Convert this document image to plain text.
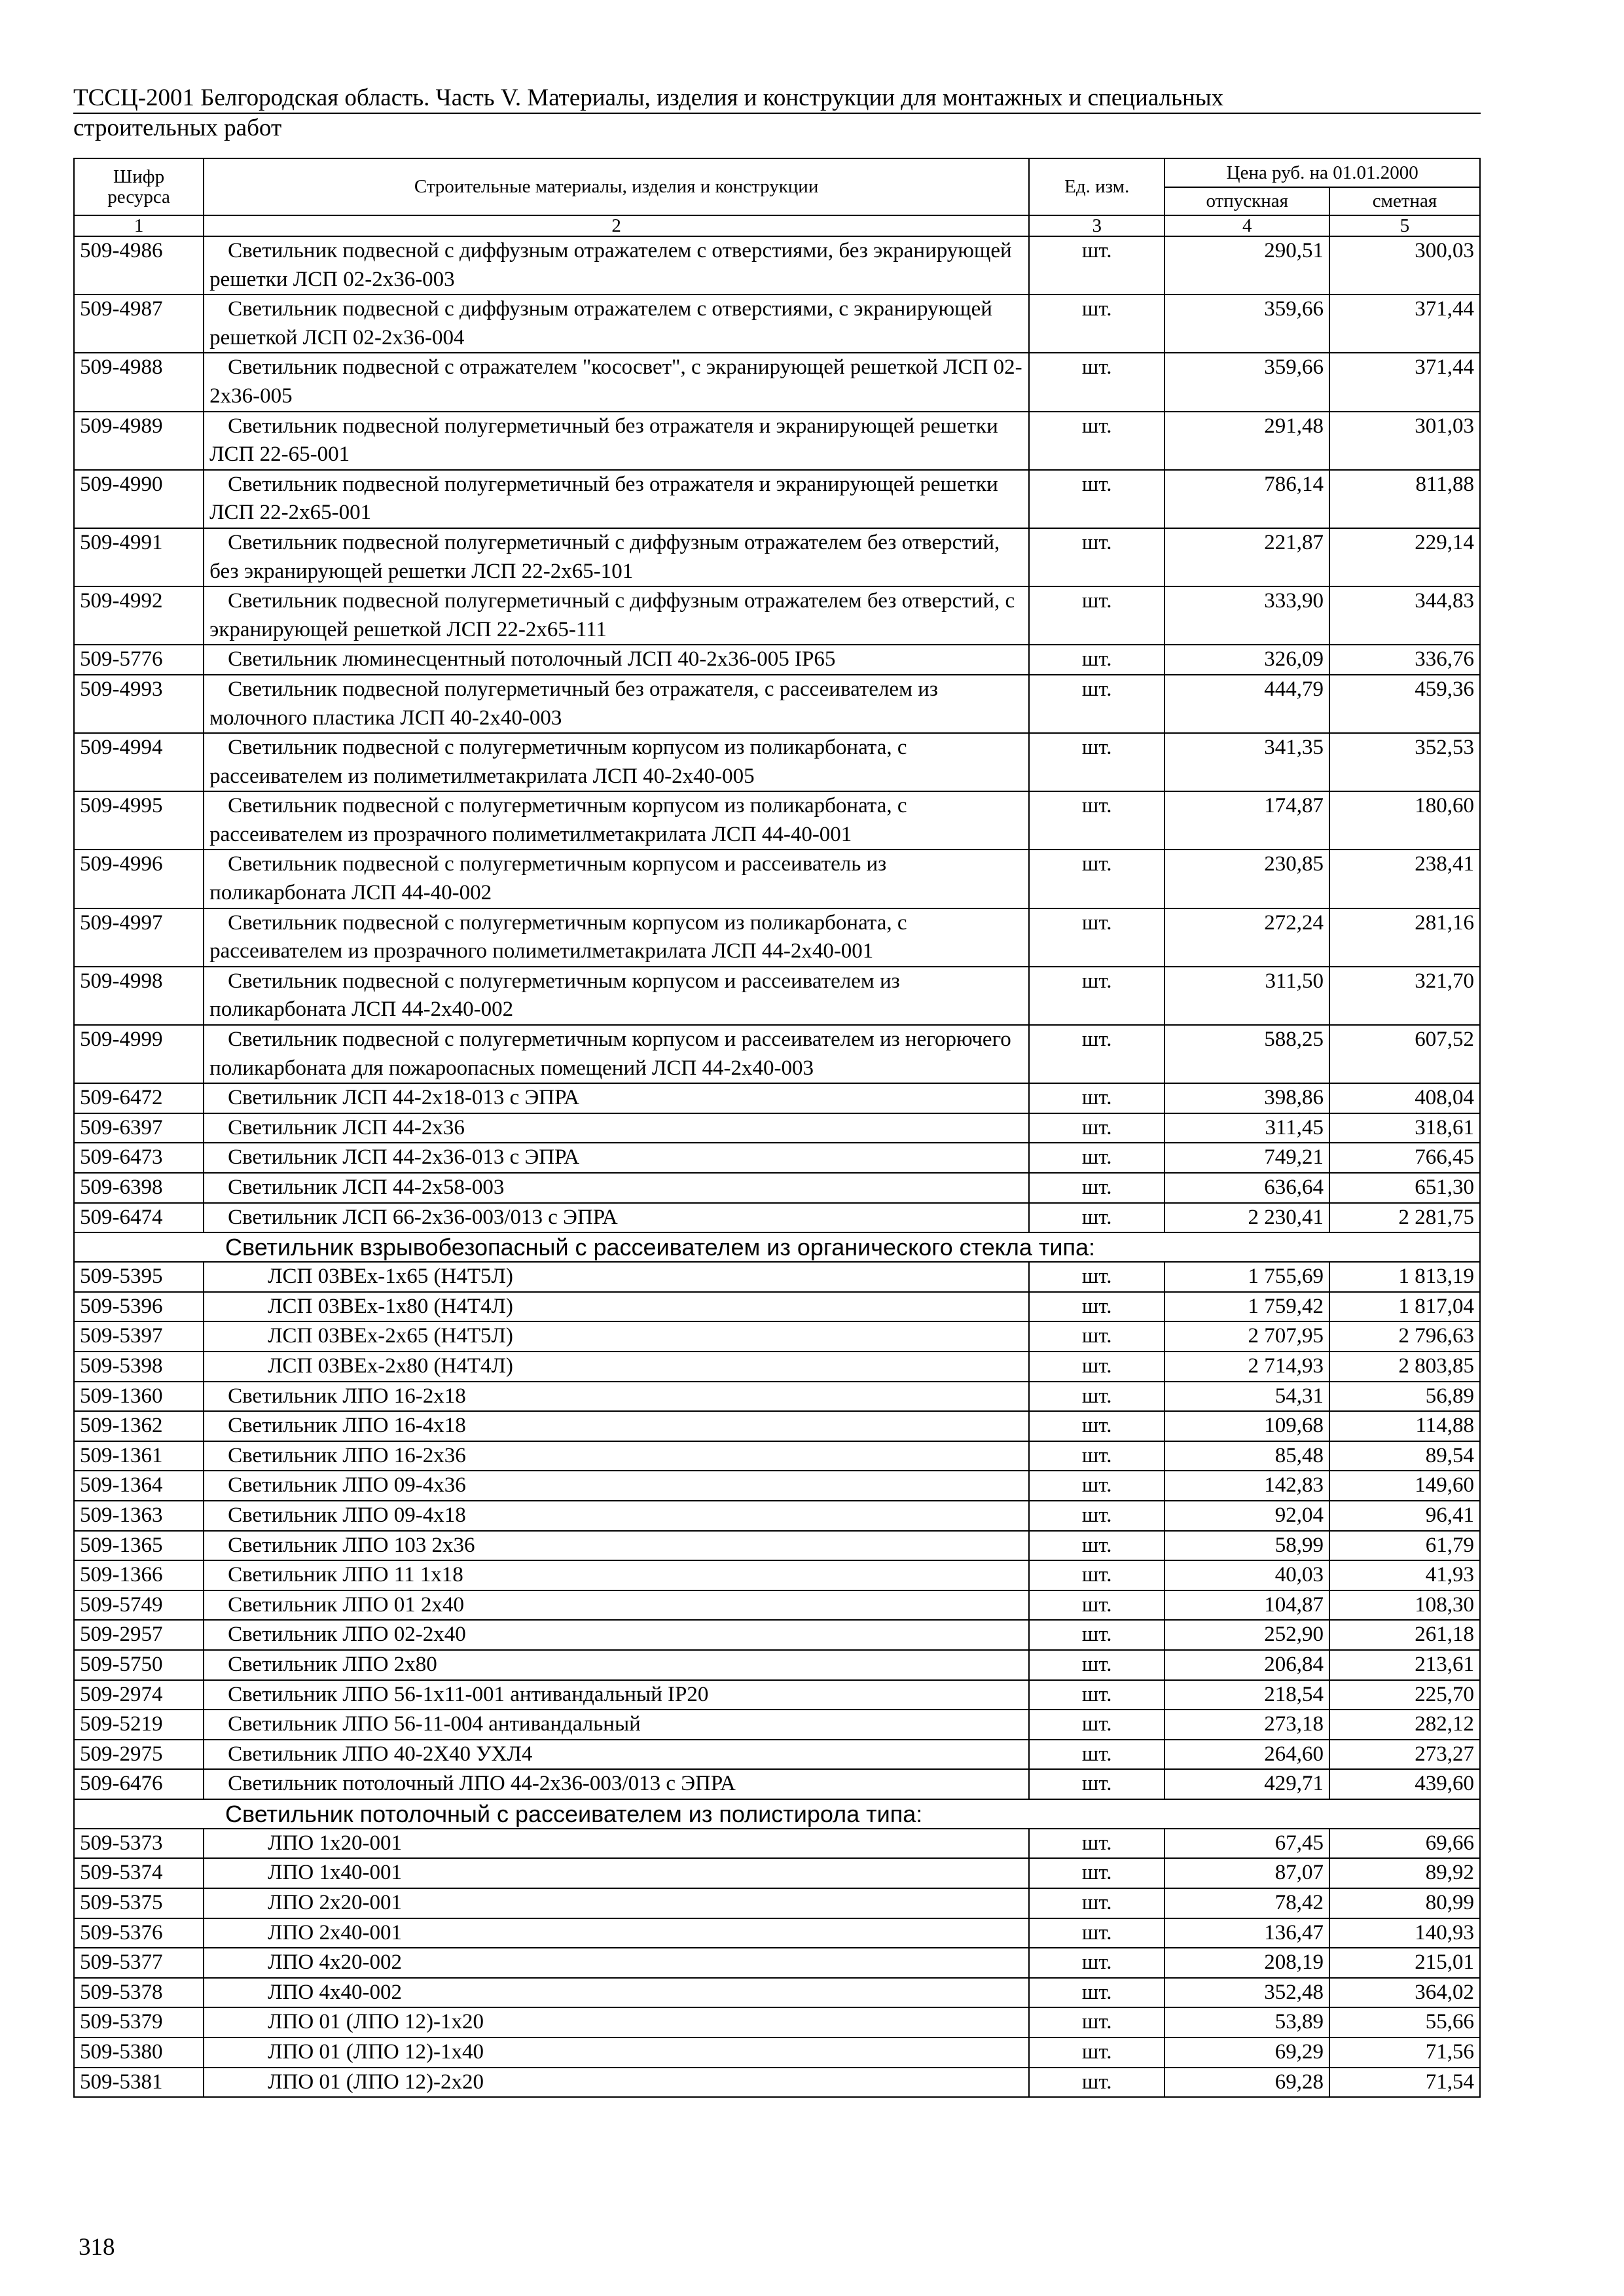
ТССЦ-2001 Белгородская область. Часть V. Материалы, изделия и конструкции для монтажных и специальных
строительных работ
Шифр ресурса	Строительные материалы, изделия и конструкции	Ед. изм.	Цена руб. на 01.01.2000	
			отпускная	сметная
1	2	3	4	5
509-4986	Светильник подвесной с диффузным отражателем с отверстиями, без экранирующей решетки ЛСП 02-2х36-003	шт.	290,51	300,03
509-4987	Светильник подвесной с диффузным отражателем с отверстиями, с экранирующей решеткой ЛСП 02-2х36-004	шт.	359,66	371,44
509-4988	Светильник подвесной с отражателем "кососвет", с экранирующей решеткой ЛСП 02-2х36-005	шт.	359,66	371,44
509-4989	Светильник подвесной полугерметичный без отражателя и экранирующей решетки ЛСП 22-65-001	шт.	291,48	301,03
509-4990	Светильник подвесной полугерметичный без отражателя и экранирующей решетки ЛСП 22-2х65-001	шт.	786,14	811,88
509-4991	Светильник подвесной полугерметичный с диффузным отражателем без отверстий, без экранирующей решетки ЛСП 22-2х65-101	шт.	221,87	229,14
509-4992	Светильник подвесной полугерметичный с диффузным отражателем без отверстий, с экранирующей решеткой ЛСП 22-2х65-111	шт.	333,90	344,83
509-5776	Светильник люминесцентный потолочный ЛСП 40-2х36-005 IP65	шт.	326,09	336,76
509-4993	Светильник подвесной полугерметичный без отражателя, с рассеивателем из молочного пластика ЛСП 40-2х40-003	шт.	444,79	459,36
509-4994	Светильник подвесной с полугерметичным корпусом из поликарбоната, с рассеивателем из полиметилметакрилата ЛСП 40-2х40-005	шт.	341,35	352,53
509-4995	Светильник подвесной с полугерметичным корпусом из поликарбоната, с рассеивателем из прозрачного полиметилметакрилата ЛСП 44-40-001	шт.	174,87	180,60
509-4996	Светильник подвесной с полугерметичным корпусом и рассеиватель из поликарбоната ЛСП 44-40-002	шт.	230,85	238,41
509-4997	Светильник подвесной с полугерметичным корпусом из поликарбоната, с рассеивателем из прозрачного полиметилметакрилата ЛСП 44-2х40-001	шт.	272,24	281,16
509-4998	Светильник подвесной с полугерметичным корпусом и рассеивателем из поликарбоната ЛСП 44-2х40-002	шт.	311,50	321,70
509-4999	Светильник подвесной с полугерметичным корпусом и рассеивателем из негорючего поликарбоната для пожароопасных помещений ЛСП 44-2х40-003	шт.	588,25	607,52
509-6472	Светильник ЛСП 44-2х18-013 с ЭПРА	шт.	398,86	408,04
509-6397	Светильник ЛСП 44-2х36	шт.	311,45	318,61
509-6473	Светильник ЛСП 44-2х36-013 с ЭПРА	шт.	749,21	766,45
509-6398	Светильник ЛСП 44-2х58-003	шт.	636,64	651,30
509-6474	Светильник ЛСП 66-2х36-003/013 с ЭПРА	шт.	2 230,41	2 281,75
Светильник взрывобезопасный с рассеивателем из органического стекла типа:				
509-5395	ЛСП 03ВЕх-1х65 (Н4Т5Л)	шт.	1 755,69	1 813,19
509-5396	ЛСП 03ВЕх-1х80 (Н4Т4Л)	шт.	1 759,42	1 817,04
509-5397	ЛСП 03ВЕх-2х65 (Н4Т5Л)	шт.	2 707,95	2 796,63
509-5398	ЛСП 03ВЕх-2х80 (Н4Т4Л)	шт.	2 714,93	2 803,85
509-1360	Светильник ЛПО 16-2х18	шт.	54,31	56,89
509-1362	Светильник ЛПО 16-4х18	шт.	109,68	114,88
509-1361	Светильник ЛПО 16-2х36	шт.	85,48	89,54
509-1364	Светильник ЛПО 09-4х36	шт.	142,83	149,60
509-1363	Светильник ЛПО 09-4х18	шт.	92,04	96,41
509-1365	Светильник ЛПО 103 2х36	шт.	58,99	61,79
509-1366	Светильник ЛПО 11 1х18	шт.	40,03	41,93
509-5749	Светильник ЛПО 01 2х40	шт.	104,87	108,30
509-2957	Светильник ЛПО 02-2х40	шт.	252,90	261,18
509-5750	Светильник ЛПО 2х80	шт.	206,84	213,61
509-2974	Светильник ЛПО 56-1х11-001 антивандальный IP20	шт.	218,54	225,70
509-5219	Светильник ЛПО 56-11-004 антивандальный	шт.	273,18	282,12
509-2975	Светильник ЛПО 40-2Х40 УХЛ4	шт.	264,60	273,27
509-6476	Светильник потолочный ЛПО 44-2х36-003/013 с ЭПРА	шт.	429,71	439,60
Светильник потолочный с рассеивателем из полистирола типа:				
509-5373	ЛПО 1х20-001	шт.	67,45	69,66
509-5374	ЛПО 1х40-001	шт.	87,07	89,92
509-5375	ЛПО 2х20-001	шт.	78,42	80,99
509-5376	ЛПО 2х40-001	шт.	136,47	140,93
509-5377	ЛПО 4х20-002	шт.	208,19	215,01
509-5378	ЛПО 4х40-002	шт.	352,48	364,02
509-5379	ЛПО 01 (ЛПО 12)-1х20	шт.	53,89	55,66
509-5380	ЛПО 01 (ЛПО 12)-1х40	шт.	69,29	71,56
509-5381	ЛПО 01 (ЛПО 12)-2х20	шт.	69,28	71,54
318
